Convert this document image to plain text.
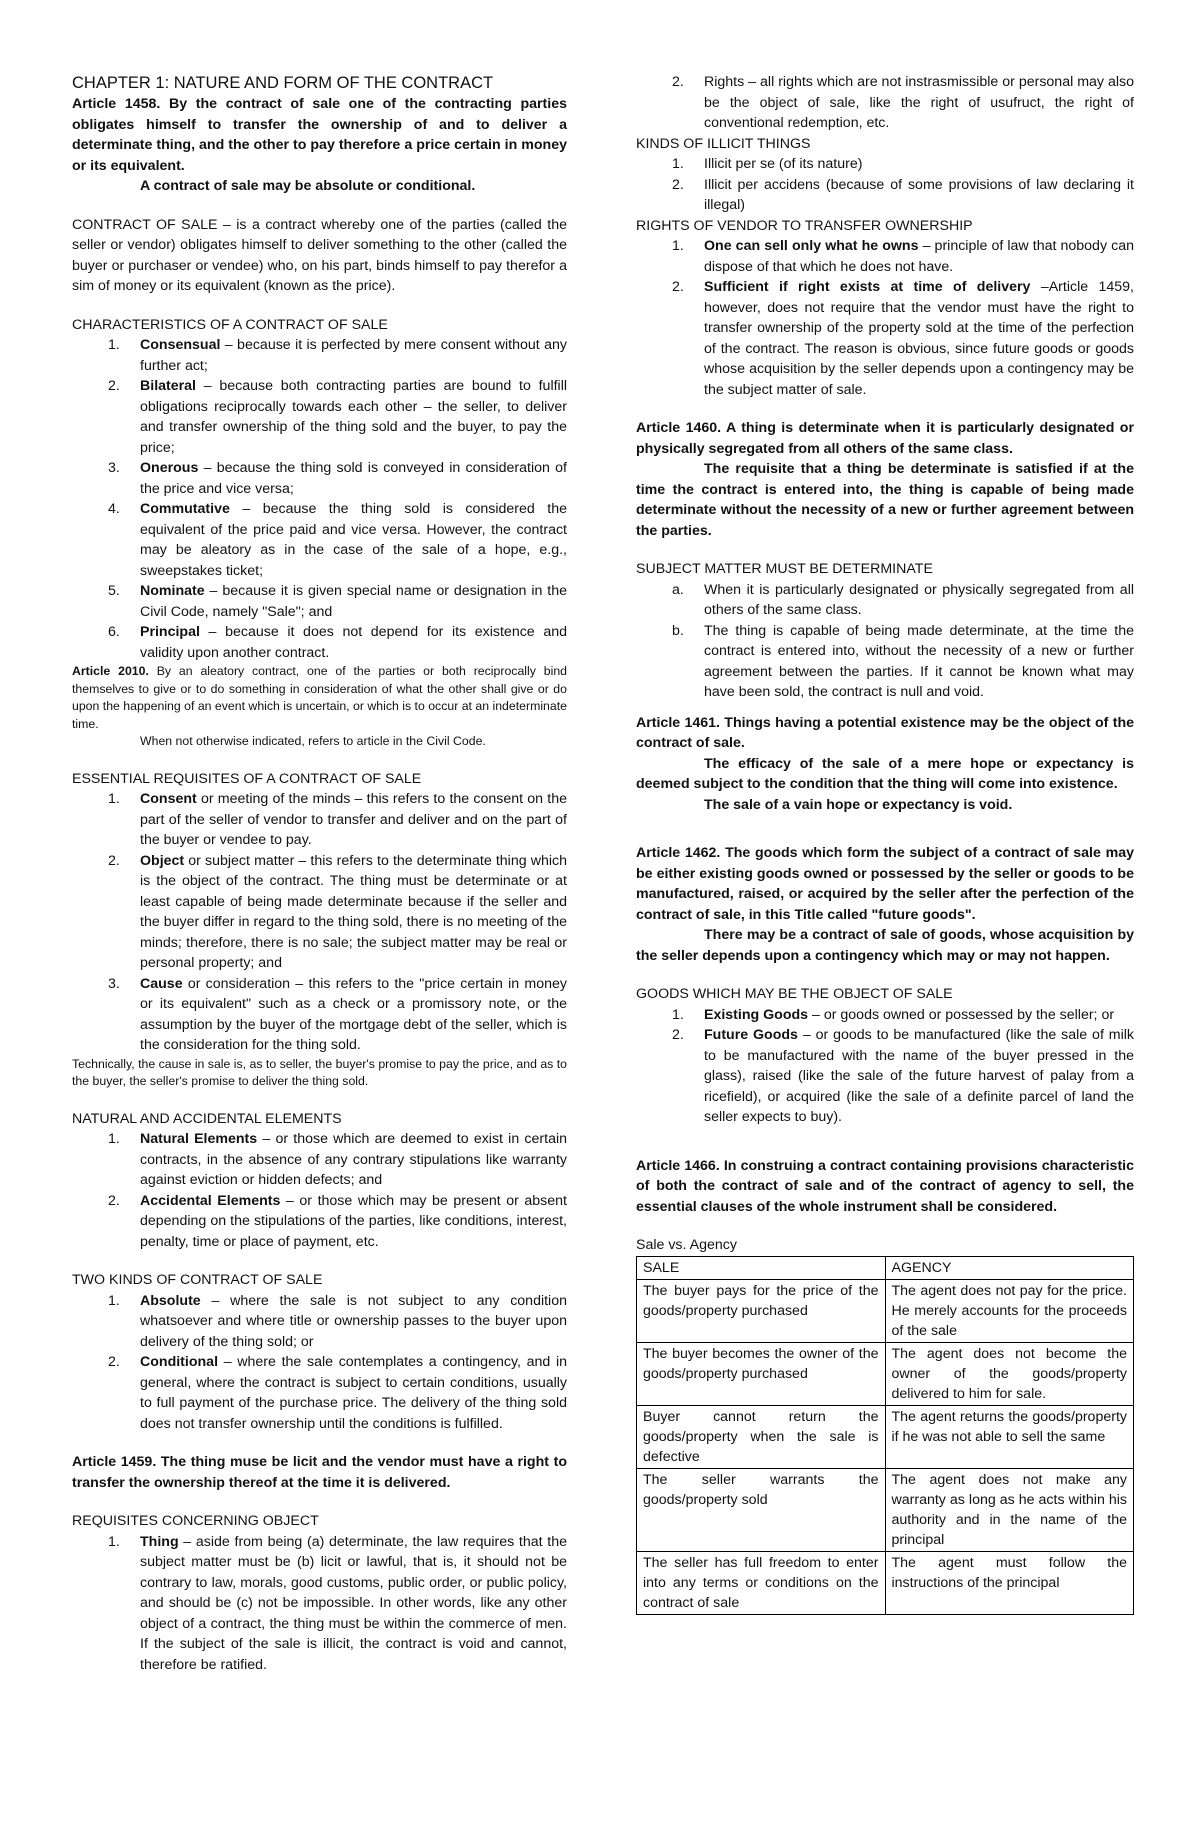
CHAPTER 1: NATURE AND FORM OF THE CONTRACT

Article 1458. By the contract of sale one of the contracting parties obligates himself to transfer the ownership of and to deliver a determinate thing, and the other to pay therefore a price certain in money or its equivalent.

A contract of sale may be absolute or conditional.

CONTRACT OF SALE – is a contract whereby one of the parties (called the seller or vendor) obligates himself to deliver something to the other (called the buyer or purchaser or vendee) who, on his part, binds himself to pay therefor a sim of money or its equivalent (known as the price).

CHARACTERISTICS OF A CONTRACT OF SALE

1. Consensual – because it is perfected by mere consent without any further act;
2. Bilateral – because both contracting parties are bound to fulfill obligations reciprocally towards each other – the seller, to deliver and transfer ownership of the thing sold and the buyer, to pay the price;
3. Onerous – because the thing sold is conveyed in consideration of the price and vice versa;
4. Commutative – because the thing sold is considered the equivalent of the price paid and vice versa. However, the contract may be aleatory as in the case of the sale of a hope, e.g., sweepstakes ticket;
5. Nominate – because it is given special name or designation in the Civil Code, namely "Sale"; and
6. Principal – because it does not depend for its existence and validity upon another contract.

Article 2010. By an aleatory contract, one of the parties or both reciprocally bind themselves to give or to do something in consideration of what the other shall give or do upon the happening of an event which is uncertain, or which is to occur at an indeterminate time.

When not otherwise indicated, refers to article in the Civil Code.

ESSENTIAL REQUISITES OF A CONTRACT OF SALE

1. Consent or meeting of the minds – this refers to the consent on the part of the seller of vendor to transfer and deliver and on the part of the buyer or vendee to pay.
2. Object or subject matter – this refers to the determinate thing which is the object of the contract. The thing must be determinate or at least capable of being made determinate because if the seller and the buyer differ in regard to the thing sold, there is no meeting of the minds; therefore, there is no sale; the subject matter may be real or personal property; and
3. Cause or consideration – this refers to the "price certain in money or its equivalent" such as a check or a promissory note, or the assumption by the buyer of the mortgage debt of the seller, which is the consideration for the thing sold.

Technically, the cause in sale is, as to seller, the buyer's promise to pay the price, and as to the buyer, the seller's promise to deliver the thing sold.

NATURAL AND ACCIDENTAL ELEMENTS

1. Natural Elements – or those which are deemed to exist in certain contracts, in the absence of any contrary stipulations like warranty against eviction or hidden defects; and
2. Accidental Elements – or those which may be present or absent depending on the stipulations of the parties, like conditions, interest, penalty, time or place of payment, etc.

TWO KINDS OF CONTRACT OF SALE

1. Absolute – where the sale is not subject to any condition whatsoever and where title or ownership passes to the buyer upon delivery of the thing sold; or
2. Conditional – where the sale contemplates a contingency, and in general, where the contract is subject to certain conditions, usually to full payment of the purchase price. The delivery of the thing sold does not transfer ownership until the conditions is fulfilled.

Article 1459. The thing muse be licit and the vendor must have a right to transfer the ownership thereof at the time it is delivered.

REQUISITES CONCERNING OBJECT

1. Thing – aside from being (a) determinate, the law requires that the subject matter must be (b) licit or lawful, that is, it should not be contrary to law, morals, good customs, public order, or public policy, and should be (c) not be impossible. In other words, like any other object of a contract, the thing must be within the commerce of men. If the subject of the sale is illicit, the contract is void and cannot, therefore be ratified.
2. Rights – all rights which are not instrasmissible or personal may also be the object of sale, like the right of usufruct, the right of conventional redemption, etc.

KINDS OF ILLICIT THINGS

1. Illicit per se (of its nature)
2. Illicit per accidens (because of some provisions of law declaring it illegal)

RIGHTS OF VENDOR TO TRANSFER OWNERSHIP

1. One can sell only what he owns – principle of law that nobody can dispose of that which he does not have.
2. Sufficient if right exists at time of delivery –Article 1459, however, does not require that the vendor must have the right to transfer ownership of the property sold at the time of the perfection of the contract. The reason is obvious, since future goods or goods whose acquisition by the seller depends upon a contingency may be the subject matter of sale.

Article 1460. A thing is determinate when it is particularly designated or physically segregated from all others of the same class.

The requisite that a thing be determinate is satisfied if at the time the contract is entered into, the thing is capable of being made determinate without the necessity of a new or further agreement between the parties.

SUBJECT MATTER MUST BE DETERMINATE

a. When it is particularly designated or physically segregated from all others of the same class.
b. The thing is capable of being made determinate, at the time the contract is entered into, without the necessity of a new or further agreement between the parties. If it cannot be known what may have been sold, the contract is null and void.

Article 1461. Things having a potential existence may be the object of the contract of sale.

The efficacy of the sale of a mere hope or expectancy is deemed subject to the condition that the thing will come into existence.

The sale of a vain hope or expectancy is void.

Article 1462. The goods which form the subject of a contract of sale may be either existing goods owned or possessed by the seller or goods to be manufactured, raised, or acquired by the seller after the perfection of the contract of sale, in this Title called "future goods".

There may be a contract of sale of goods, whose acquisition by the seller depends upon a contingency which may or may not happen.

GOODS WHICH MAY BE THE OBJECT OF SALE

1. Existing Goods – or goods owned or possessed by the seller; or
2. Future Goods – or goods to be manufactured (like the sale of milk to be manufactured with the name of the buyer pressed in the glass), raised (like the sale of the future harvest of palay from a ricefield), or acquired (like the sale of a definite parcel of land the seller expects to buy).

Article 1466. In construing a contract containing provisions characteristic of both the contract of sale and of the contract of agency to sell, the essential clauses of the whole instrument shall be considered.

Sale vs. Agency

SALE	AGENCY
The buyer pays for the price of the goods/property purchased	The agent does not pay for the price. He merely accounts for the proceeds of the sale
The buyer becomes the owner of the goods/property purchased	The agent does not become the owner of the goods/property delivered to him for sale.
Buyer cannot return the goods/property when the sale is defective	The agent returns the goods/property if he was not able to sell the same
The seller warrants the goods/property sold	The agent does not make any warranty as long as he acts within his authority and in the name of the principal
The seller has full freedom to enter into any terms or conditions on the contract of sale	The agent must follow the instructions of the principal
